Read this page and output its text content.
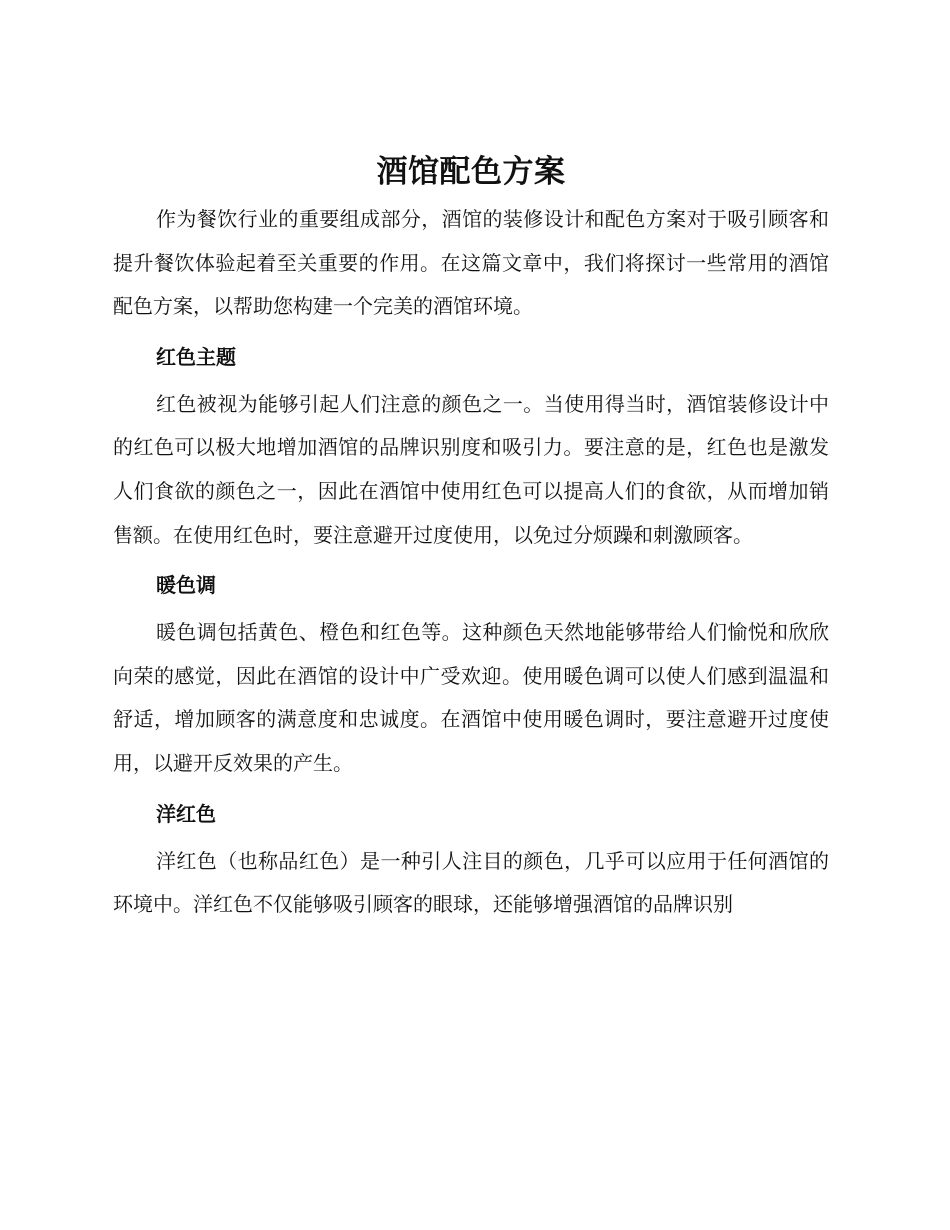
酒馆配色方案

作为餐饮行业的重要组成部分，酒馆的装修设计和配色方案对于吸引顾客和提升餐饮体验起着至关重要的作用。在这篇文章中，我们将探讨一些常用的酒馆配色方案，以帮助您构建一个完美的酒馆环境。

红色主题

红色被视为能够引起人们注意的颜色之一。当使用得当时，酒馆装修设计中的红色可以极大地增加酒馆的品牌识别度和吸引力。要注意的是，红色也是激发人们食欲的颜色之一，因此在酒馆中使用红色可以提高人们的食欲，从而增加销售额。在使用红色时，要注意避开过度使用，以免过分烦躁和刺激顾客。

暖色调

暖色调包括黄色、橙色和红色等。这种颜色天然地能够带给人们愉悦和欣欣向荣的感觉，因此在酒馆的设计中广受欢迎。使用暖色调可以使人们感到温温和舒适，增加顾客的满意度和忠诚度。在酒馆中使用暖色调时，要注意避开过度使用，以避开反效果的产生。

洋红色

洋红色（也称品红色）是一种引人注目的颜色，几乎可以应用于任何酒馆的环境中。洋红色不仅能够吸引顾客的眼球，还能够增强酒馆的品牌识别
